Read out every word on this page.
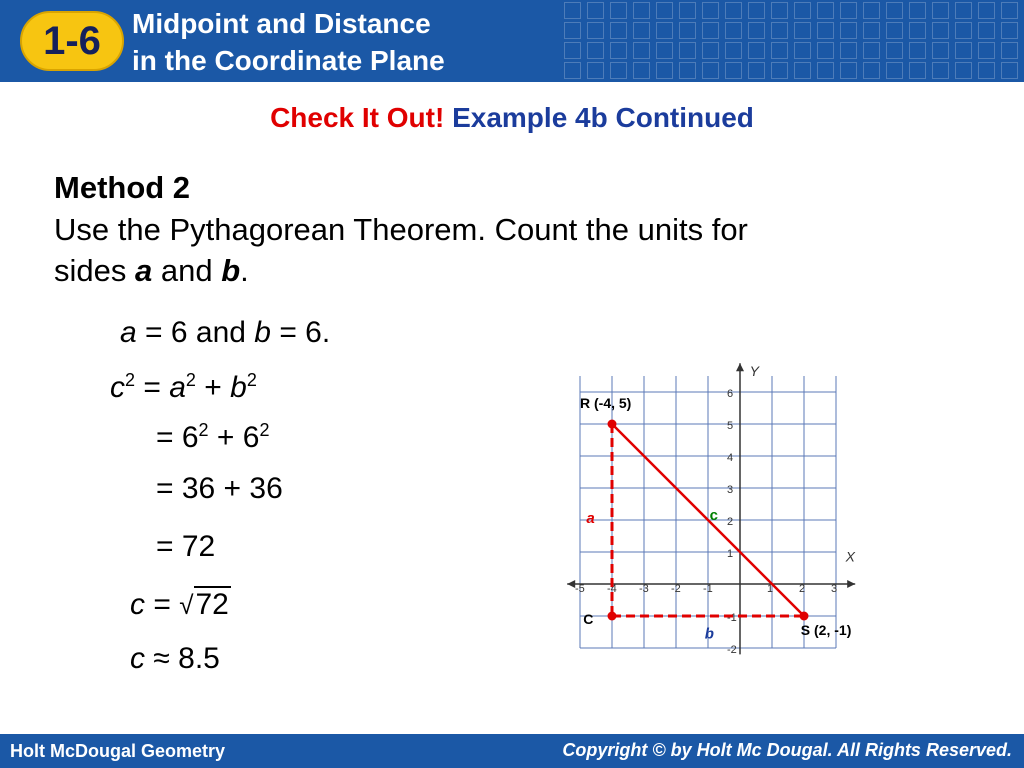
1-6	Midpoint and Distance
in the Coordinate Plane
Check It Out! Example 4b Continued
Method 2
Use the Pythagorean Theorem. Count the units for
sides a and b.
a = 6 and b = 6.
$c^2 = a^2 + b^2$
= $6^2 + 6^2$
= 36 + 36
= 72
c = √72
c ≈ 8.5
X
Y
-5 -4 -3 -2 -1	1 2 3
6
5
4
3
2
1
-1
-2
R (-4, 5)
S (2, -1)
C
a
b
c
Holt McDougal Geometry	Copyright © by Holt Mc Dougal. All Rights Reserved.
